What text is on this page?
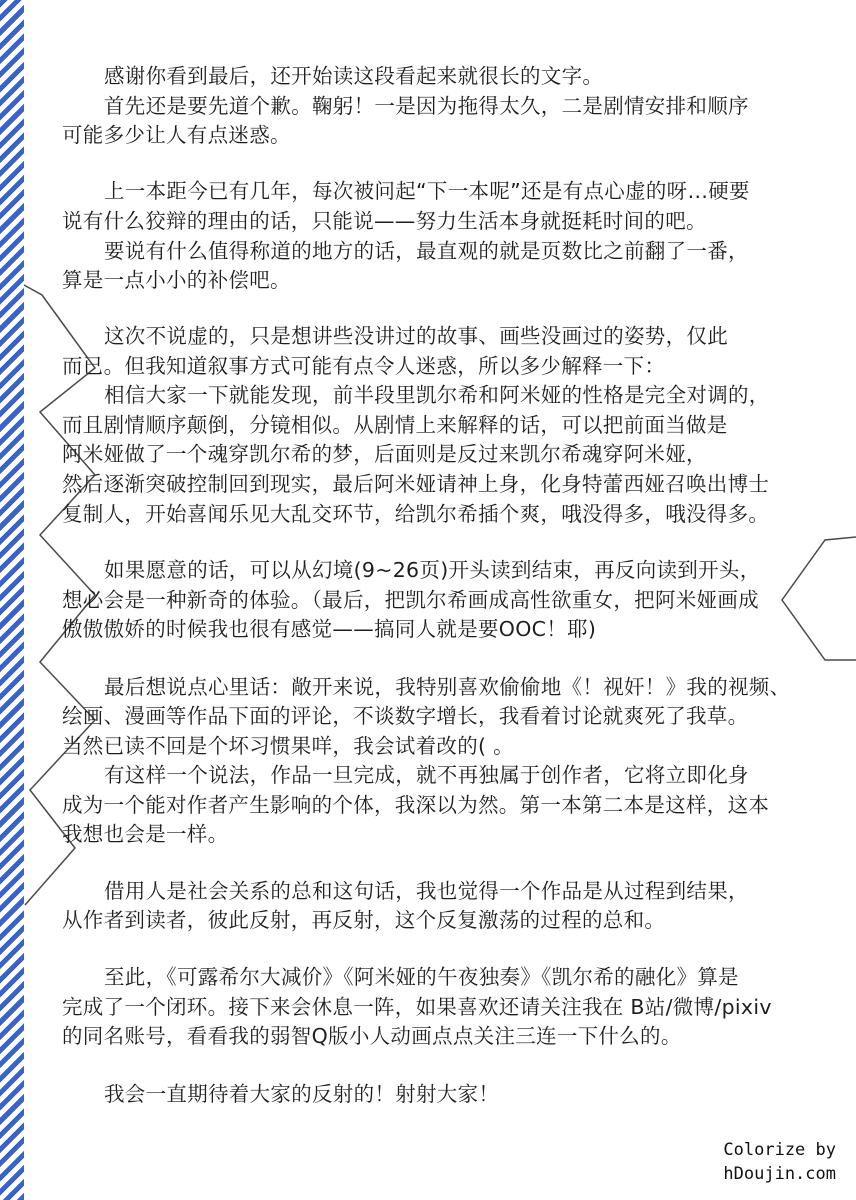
感谢你看到最后，还开始读这段看起来就很长的文字。
首先还是要先道个歉。鞠躬！一是因为拖得太久，二是剧情安排和顺序
可能多少让人有点迷惑。
上一本距今已有几年，每次被问起“下一本呢”还是有点心虚的呀…硬要
说有什么狡辩的理由的话，只能说——努力生活本身就挺耗时间的吧。
要说有什么值得称道的地方的话，最直观的就是页数比之前翻了一番，
算是一点小小的补偿吧。
这次不说虚的，只是想讲些没讲过的故事、画些没画过的姿势，仅此
而已。但我知道叙事方式可能有点令人迷惑，所以多少解释一下：
相信大家一下就能发现，前半段里凯尔希和阿米娅的性格是完全对调的，
而且剧情顺序颠倒，分镜相似。从剧情上来解释的话，可以把前面当做是
阿米娅做了一个魂穿凯尔希的梦，后面则是反过来凯尔希魂穿阿米娅，
然后逐渐突破控制回到现实，最后阿米娅请神上身，化身特蕾西娅召唤出博士
复制人，开始喜闻乐见大乱交环节，给凯尔希插个爽，哦没得多，哦没得多。
如果愿意的话，可以从幻境(9~26页)开头读到结束，再反向读到开头，
想必会是一种新奇的体验。（最后，把凯尔希画成高性欲重女，把阿米娅画成
傲傲傲娇的时候我也很有感觉——搞同人就是要OOC！耶)
最后想说点心里话：敞开来说，我特别喜欢偷偷地《！视奸！》我的视频、
绘画、漫画等作品下面的评论，不谈数字增长，我看着讨论就爽死了我草。
当然已读不回是个坏习惯果咩，我会试着改的( 。
有这样一个说法，作品一旦完成，就不再独属于创作者，它将立即化身
成为一个能对作者产生影响的个体，我深以为然。第一本第二本是这样，这本
我想也会是一样。
借用人是社会关系的总和这句话，我也觉得一个作品是从过程到结果，
从作者到读者，彼此反射，再反射，这个反复激荡的过程的总和。
至此，《可露希尔大减价》《阿米娅的午夜独奏》《凯尔希的融化》算是
完成了一个闭环。接下来会休息一阵，如果喜欢还请关注我在 B站/微博/pixiv
的同名账号，看看我的弱智Q版小人动画点点关注三连一下什么的。
我会一直期待着大家的反射的！射射大家！
Colorize by
hDoujin.com
